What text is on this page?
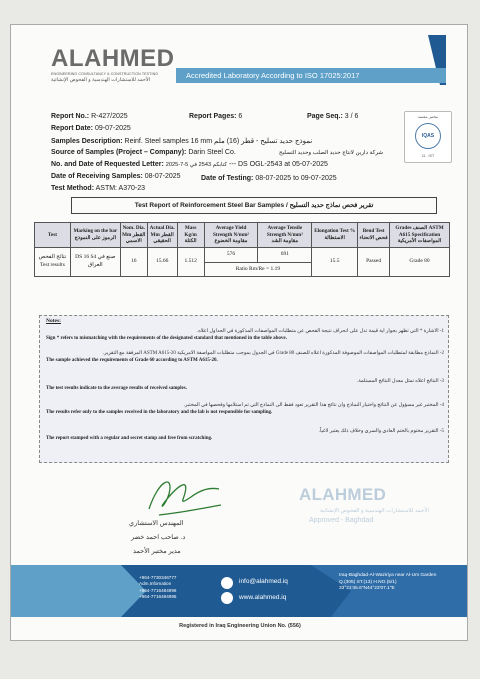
ALAHMED
ENGINEERING CONSULTANCY & CONSTRUCTION TESTING
الأحمد للاستشارات الهندسية و الفحوص الإنشائية	Accredited Laboratory According to ISO 17025:2017
مختبر معتمد
IQAS
11 . IST
Report No.: R-427/2025	Report Pages: 6	Page Seq.: 3 / 6
Report Date: 09-07-2025
Samples Description: Reinf. Steel samples 16 mm نموذج حديد تسليح - قطر (16) ملم
Source of Samples (Project – Company): Darin Steel Co.	شركة دارين لانتاج حديد الصلب وحديد التسليح
No. and Date of Requested Letter: كتابكم 2543 في 5-7-2025 --- DS OGL-2543 at 05-07-2025
Date of Receiving Samples: 08-07-2025	Date of Testing: 08-07-2025 to 09-07-2025
Test Method: ASTM: A370-23
Test Report of Reinforcement Steel Bar Samples / تقرير فحص نماذج حديد التسليح
Test	Marking on the bar الرموز على النموذج	Nom. Dia. Mm القطر الاسمي	Actual Dia. Mm القطر الحقيقي	Mass Kg/m الكتلة	Average Yield Strength N/mm² مقاومة الخضوع	Average Tensile Strength N/mm² مقاومة الشد	Elongation Test % الاستطالة	Bend Test فحص الانحناء	Grades الصنف ASTM A615 Specification المواصفات الأمريكية
نتائج الفحص Test results	DS 16 S4 صنع في العراق	16	15.66	1.512	576	691	15.5	Passed	Grade 80
					Ratio Rm/Re = 1.19				
Notes:
1- الاشارة * التي تظهر بجوار اية قيمة تدل على انحراف نتيجة الفحص عن متطلبات المواصفات المذكورة في الجداول اعلاه.
Sign * refers to mismatching with the requirements of the designated standard that mentioned in the table above.
2- النماذج مطابقة لمتطلبات المواصفات الموصوفة المذكورة اعلاه للصنف Grade 80 في الجدول بموجب متطلبات المواصفة الامريكية ASTM A615-20 المرفقة مع التقرير.
The sample achieved the requirements of Grade 60 according to ASTM A615-20.
3- النتائج اعلاه تمثل معدل النتائج المستلمة.
The test results indicate to the average results of received samples.
4- المختبر غير مسؤول عن النتائج واختيار النماذج وان نتائج هذا التقرير تعود فقط الى النماذج التي تم استلامها وفحصها في المختبر.
The results refer only to the samples received in the laboratory and the lab is not responsible for sampling.
5- التقرير مختوم بالختم العادي والسري وخلاف ذلك يعتبر لاغياً.
The report stamped with a regular and secret stamp and free from scratching.
المهندس الاستشاري
د. صاحب احمد خضر
مدير مختبر الأحمد
ALAHMED
الأحمد للاستشارات الهندسية و الفحوص الإنشائية
Approved - Baghdad
+964-7730346777
Adm.Infomation
+964-7716484996
+964-7716484995
info@alahmed.iq
www.alahmed.iq
Iraq-Baghdad-Al-Waziriya near Al-Um Garden
Q.(305) ST.(13) H.NO.(5/1)
33°21'45.6"N44°23'07.1"E
Registered in Iraq Engineering Union No. (556)
